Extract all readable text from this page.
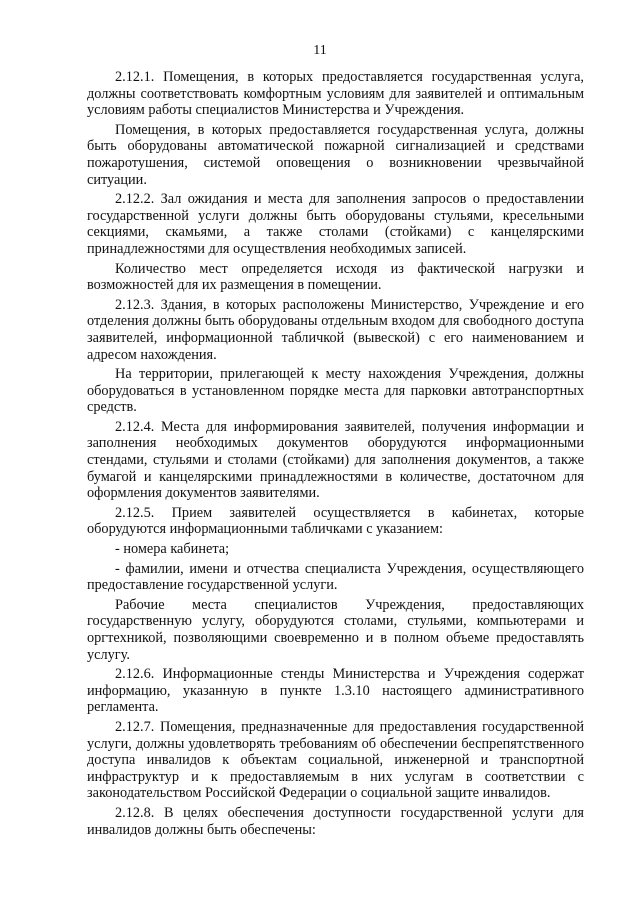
11

2.12.1. Помещения, в которых предоставляется государственная услуга, должны соответствовать комфортным условиям для заявителей и оптимальным условиям работы специалистов Министерства и Учреждения.

Помещения, в которых предоставляется государственная услуга, должны быть оборудованы автоматической пожарной сигнализацией и средствами пожаротушения, системой оповещения о возникновении чрезвычайной ситуации.

2.12.2. Зал ожидания и места для заполнения запросов о предоставлении государственной услуги должны быть оборудованы стульями, кресельными секциями, скамьями, а также столами (стойками) с канцелярскими принадлежностями для осуществления необходимых записей.

Количество мест определяется исходя из фактической нагрузки и возможностей для их размещения в помещении.

2.12.3. Здания, в которых расположены Министерство, Учреждение и его отделения должны быть оборудованы отдельным входом для свободного доступа заявителей, информационной табличкой (вывеской) с его наименованием и адресом нахождения.

На территории, прилегающей к месту нахождения Учреждения, должны оборудоваться в установленном порядке места для парковки автотранспортных средств.

2.12.4. Места для информирования заявителей, получения информации и заполнения необходимых документов оборудуются информационными стендами, стульями и столами (стойками) для заполнения документов, а также бумагой и канцелярскими принадлежностями в количестве, достаточном для оформления документов заявителями.

2.12.5. Прием заявителей осуществляется в кабинетах, которые оборудуются информационными табличками с указанием:

- номера кабинета;

- фамилии, имени и отчества специалиста Учреждения, осуществляющего предоставление государственной услуги.

Рабочие места специалистов Учреждения, предоставляющих государственную услугу, оборудуются столами, стульями, компьютерами и оргтехникой, позволяющими своевременно и в полном объеме предоставлять услугу.

2.12.6. Информационные стенды Министерства и Учреждения содержат информацию, указанную в пункте 1.3.10 настоящего административного регламента.

2.12.7. Помещения, предназначенные для предоставления государственной услуги, должны удовлетворять требованиям об обеспечении беспрепятственного доступа инвалидов к объектам социальной, инженерной и транспортной инфраструктур и к предоставляемым в них услугам в соответствии с законодательством Российской Федерации о социальной защите инвалидов.

2.12.8. В целях обеспечения доступности государственной услуги для инвалидов должны быть обеспечены:
